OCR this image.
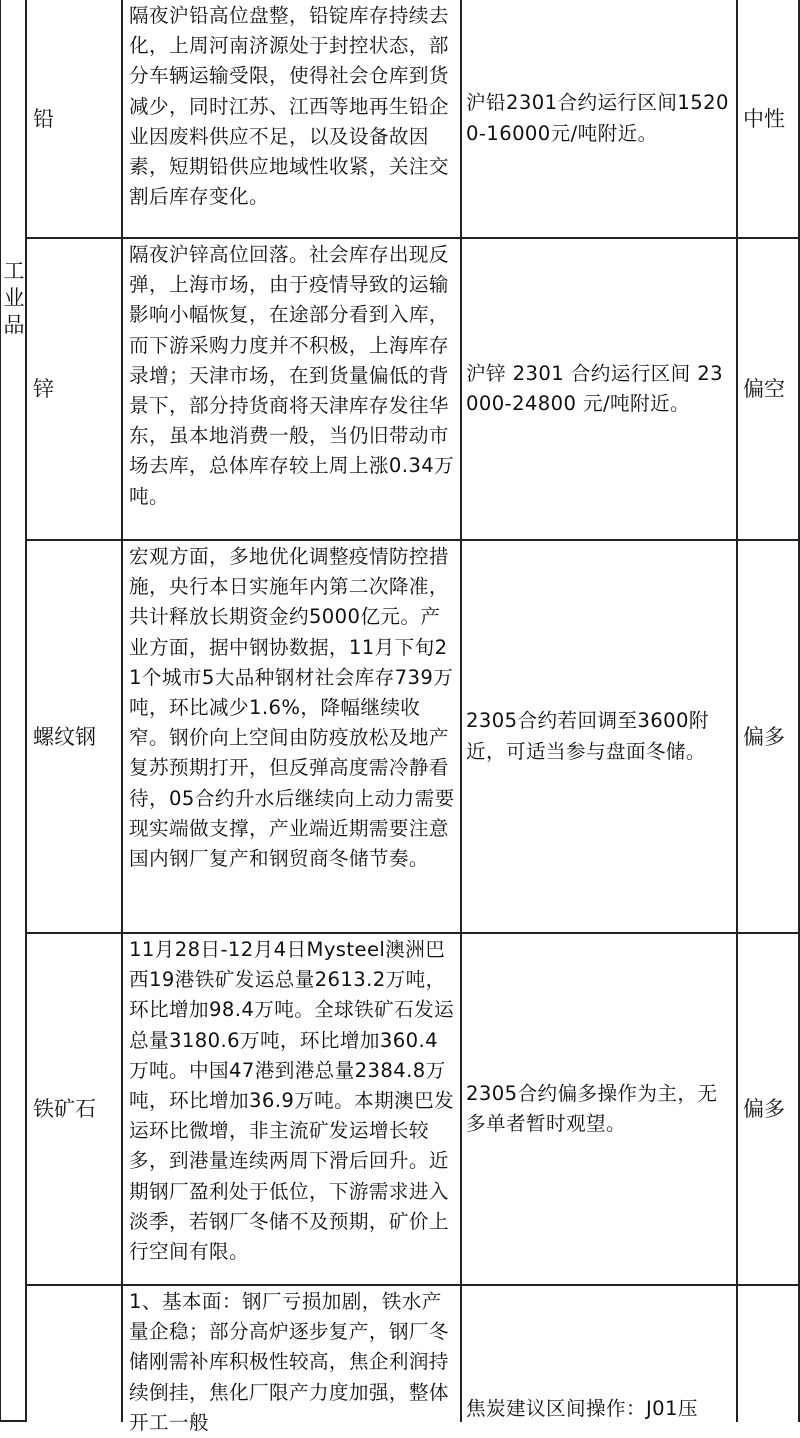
工业品
铅
隔夜沪铅高位盘整，铅锭库存持续去化，上周河南济源处于封控状态，部分车辆运输受限，使得社会仓库到货减少，同时江苏、江西等地再生铅企业因废料供应不足，以及设备故因素，短期铅供应地域性收紧，关注交割后库存变化。
沪铅2301合约运行区间15200-16000元/吨附近。
中性
锌
隔夜沪锌高位回落。社会库存出现反弹，上海市场，由于疫情导致的运输影响小幅恢复，在途部分看到入库，而下游采购力度并不积极，上海库存录增；天津市场，在到货量偏低的背景下，部分持货商将天津库存发往华东，虽本地消费一般，当仍旧带动市场去库，总体库存较上周上涨0.34万吨。
沪锌 2301 合约运行区间 23000-24800 元/吨附近。
偏空
螺纹钢
宏观方面，多地优化调整疫情防控措施，央行本日实施年内第二次降准，共计释放长期资金约5000亿元。产业方面，据中钢协数据，11月下旬21个城市5大品种钢材社会库存739万吨，环比减少1.6%，降幅继续收窄。钢价向上空间由防疫放松及地产复苏预期打开，但反弹高度需冷静看待，05合约升水后继续向上动力需要现实端做支撑，产业端近期需要注意国内钢厂复产和钢贸商冬储节奏。
2305合约若回调至3600附近，可适当参与盘面冬储。
偏多
铁矿石
11月28日-12月4日Mysteel澳洲巴西19港铁矿发运总量2613.2万吨，环比增加98.4万吨。全球铁矿石发运总量3180.6万吨，环比增加360.4万吨。中国47港到港总量2384.8万吨，环比增加36.9万吨。本期澳巴发运环比微增，非主流矿发运增长较多，到港量连续两周下滑后回升。近期钢厂盈利处于低位，下游需求进入淡季，若钢厂冬储不及预期，矿价上行空间有限。
2305合约偏多操作为主，无多单者暂时观望。
偏多
1、基本面：钢厂亏损加剧，铁水产量企稳；部分高炉逐步复产，钢厂冬储刚需补库积极性较高，焦企利润持续倒挂，焦化厂限产力度加强，整体开工一般
焦炭建议区间操作：J01压
